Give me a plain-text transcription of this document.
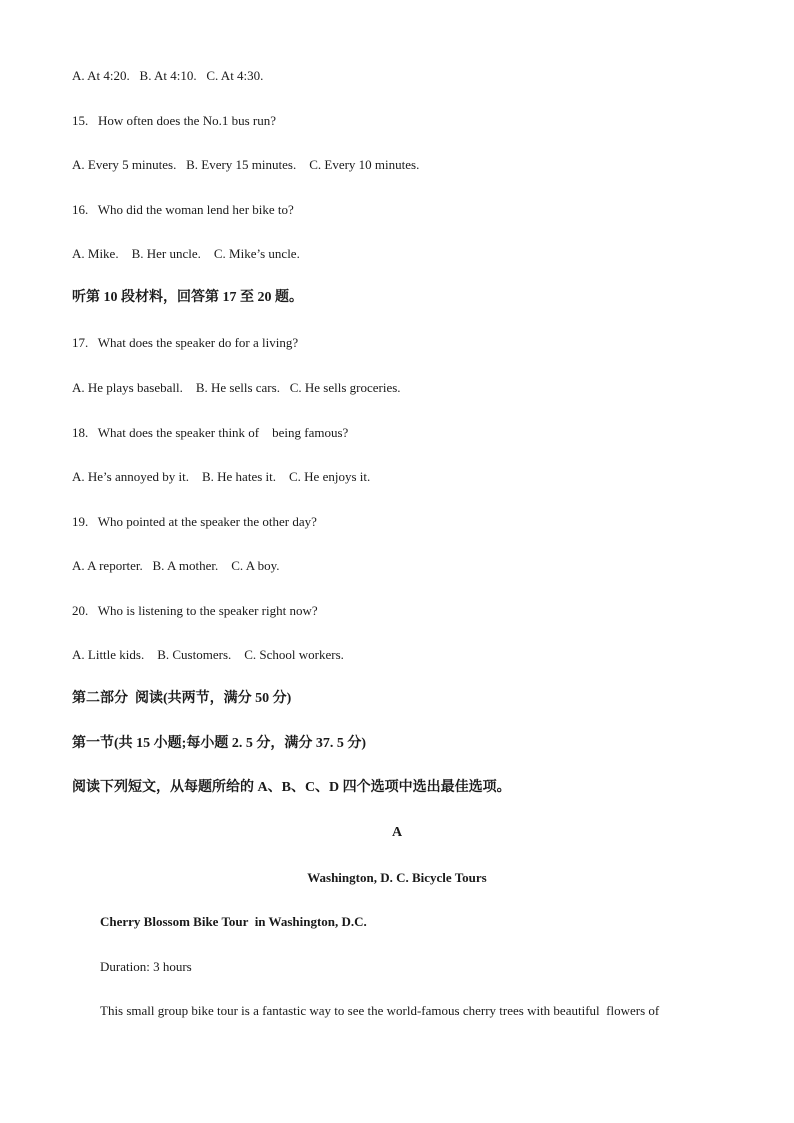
A. At 4:20.   B. At 4:10.   C. At 4:30.
15.   How often does the No.1 bus run?
A. Every 5 minutes.   B. Every 15 minutes.    C. Every 10 minutes.
16.   Who did the woman lend her bike to?
A. Mike.    B. Her uncle.    C. Mike’s uncle.
听第 10 段材料，回答第 17 至 20 题。
17.   What does the speaker do for a living?
A. He plays baseball.    B. He sells cars.   C. He sells groceries.
18.   What does the speaker think of    being famous?
A. He’s annoyed by it.    B. He hates it.    C. He enjoys it.
19.   Who pointed at the speaker the other day?
A. A reporter.   B. A mother.    C. A boy.
20.   Who is listening to the speaker right now?
A. Little kids.    B. Customers.    C. School workers.
第二部分  阅读(共两节，满分 50 分)
第一节(共 15 小题;每小题 2. 5 分，满分 37. 5 分)
阅读下列短文，从每题所给的 A、B、C、D 四个选项中选出最佳选项。
A
Washington, D. C. Bicycle Tours
Cherry Blossom Bike Tour  in Washington, D.C.
Duration: 3 hours
This small group bike tour is a fantastic way to see the world-famous cherry trees with beautiful  flowers of
